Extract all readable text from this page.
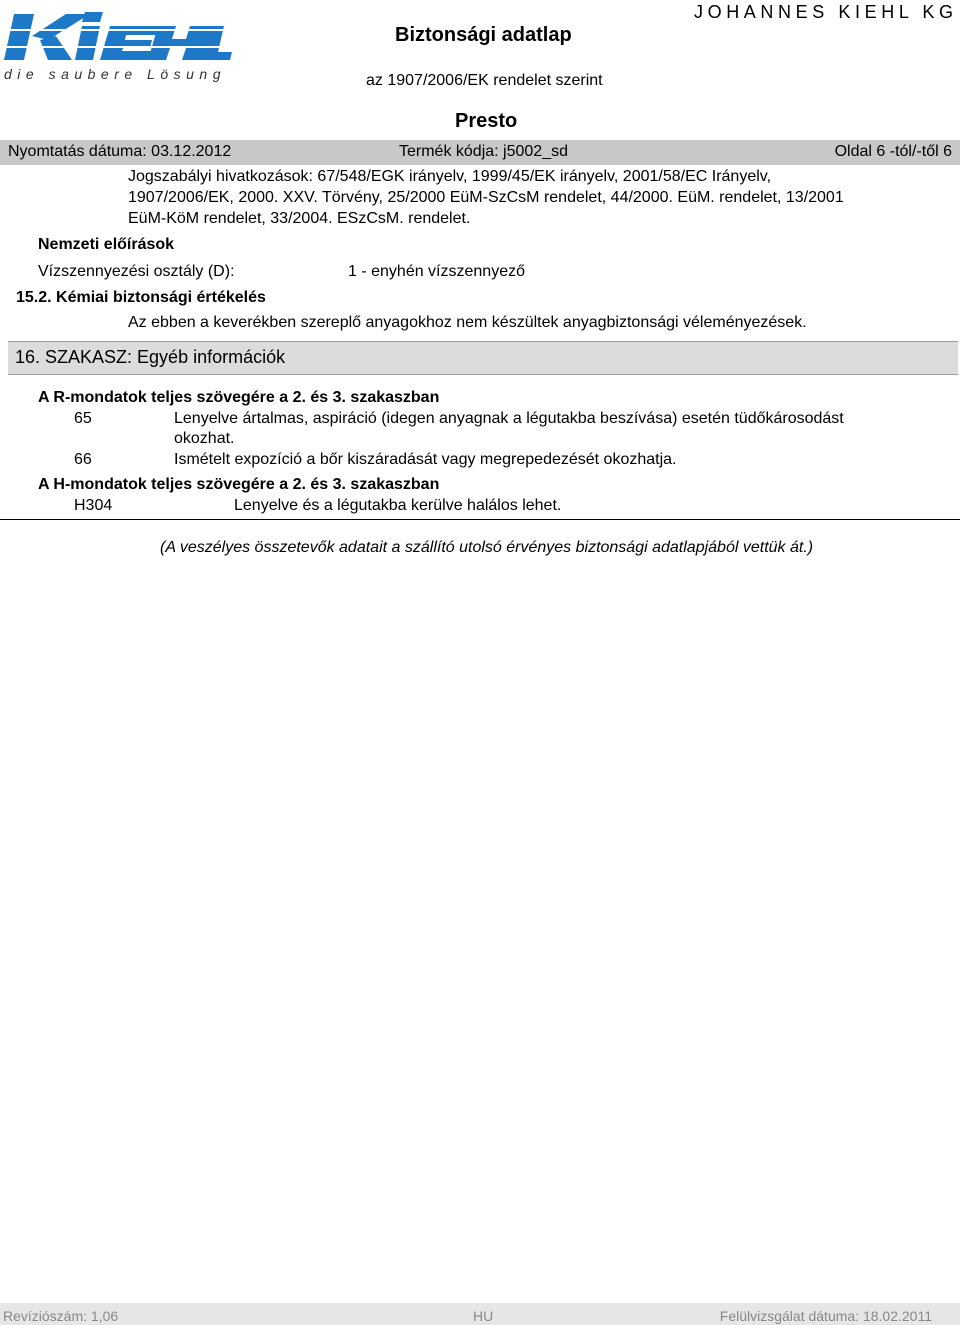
die saubere Lösung
Biztonsági adatlap
JOHANNES KIEHL KG
az 1907/2006/EK rendelet szerint
Presto
Nyomtatás dátuma: 03.12.2012	Termék kódja: j5002_sd	Oldal 6 -tól/-től 6
Jogszabályi hivatkozások: 67/548/EGK irányelv, 1999/45/EK irányelv, 2001/58/EC Irányelv,
1907/2006/EK, 2000. XXV. Törvény, 25/2000 EüM-SzCsM rendelet, 44/2000. EüM. rendelet, 13/2001
EüM-KöM rendelet, 33/2004. ESzCsM. rendelet.
Nemzeti előírások
Vízszennyezési osztály (D):	1 - enyhén vízszennyező
15.2. Kémiai biztonsági értékelés
Az ebben a keverékben szereplő anyagokhoz nem készültek anyagbiztonsági véleményezések.
16. SZAKASZ: Egyéb információk
A R-mondatok teljes szövegére a 2. és 3. szakaszban
65	Lenyelve ártalmas, aspiráció (idegen anyagnak a légutakba beszívása) esetén tüdőkárosodást
okozhat.
66	Ismételt expozíció a bőr kiszáradását vagy megrepedezését okozhatja.
A H-mondatok teljes szövegére a 2. és 3. szakaszban
H304	Lenyelve és a légutakba kerülve halálos lehet.
(A veszélyes összetevők adatait a szállító utolsó érvényes biztonsági adatlapjából vettük át.)
Revíziószám: 1,06	HU	Felülvizsgálat dátuma: 18.02.2011
